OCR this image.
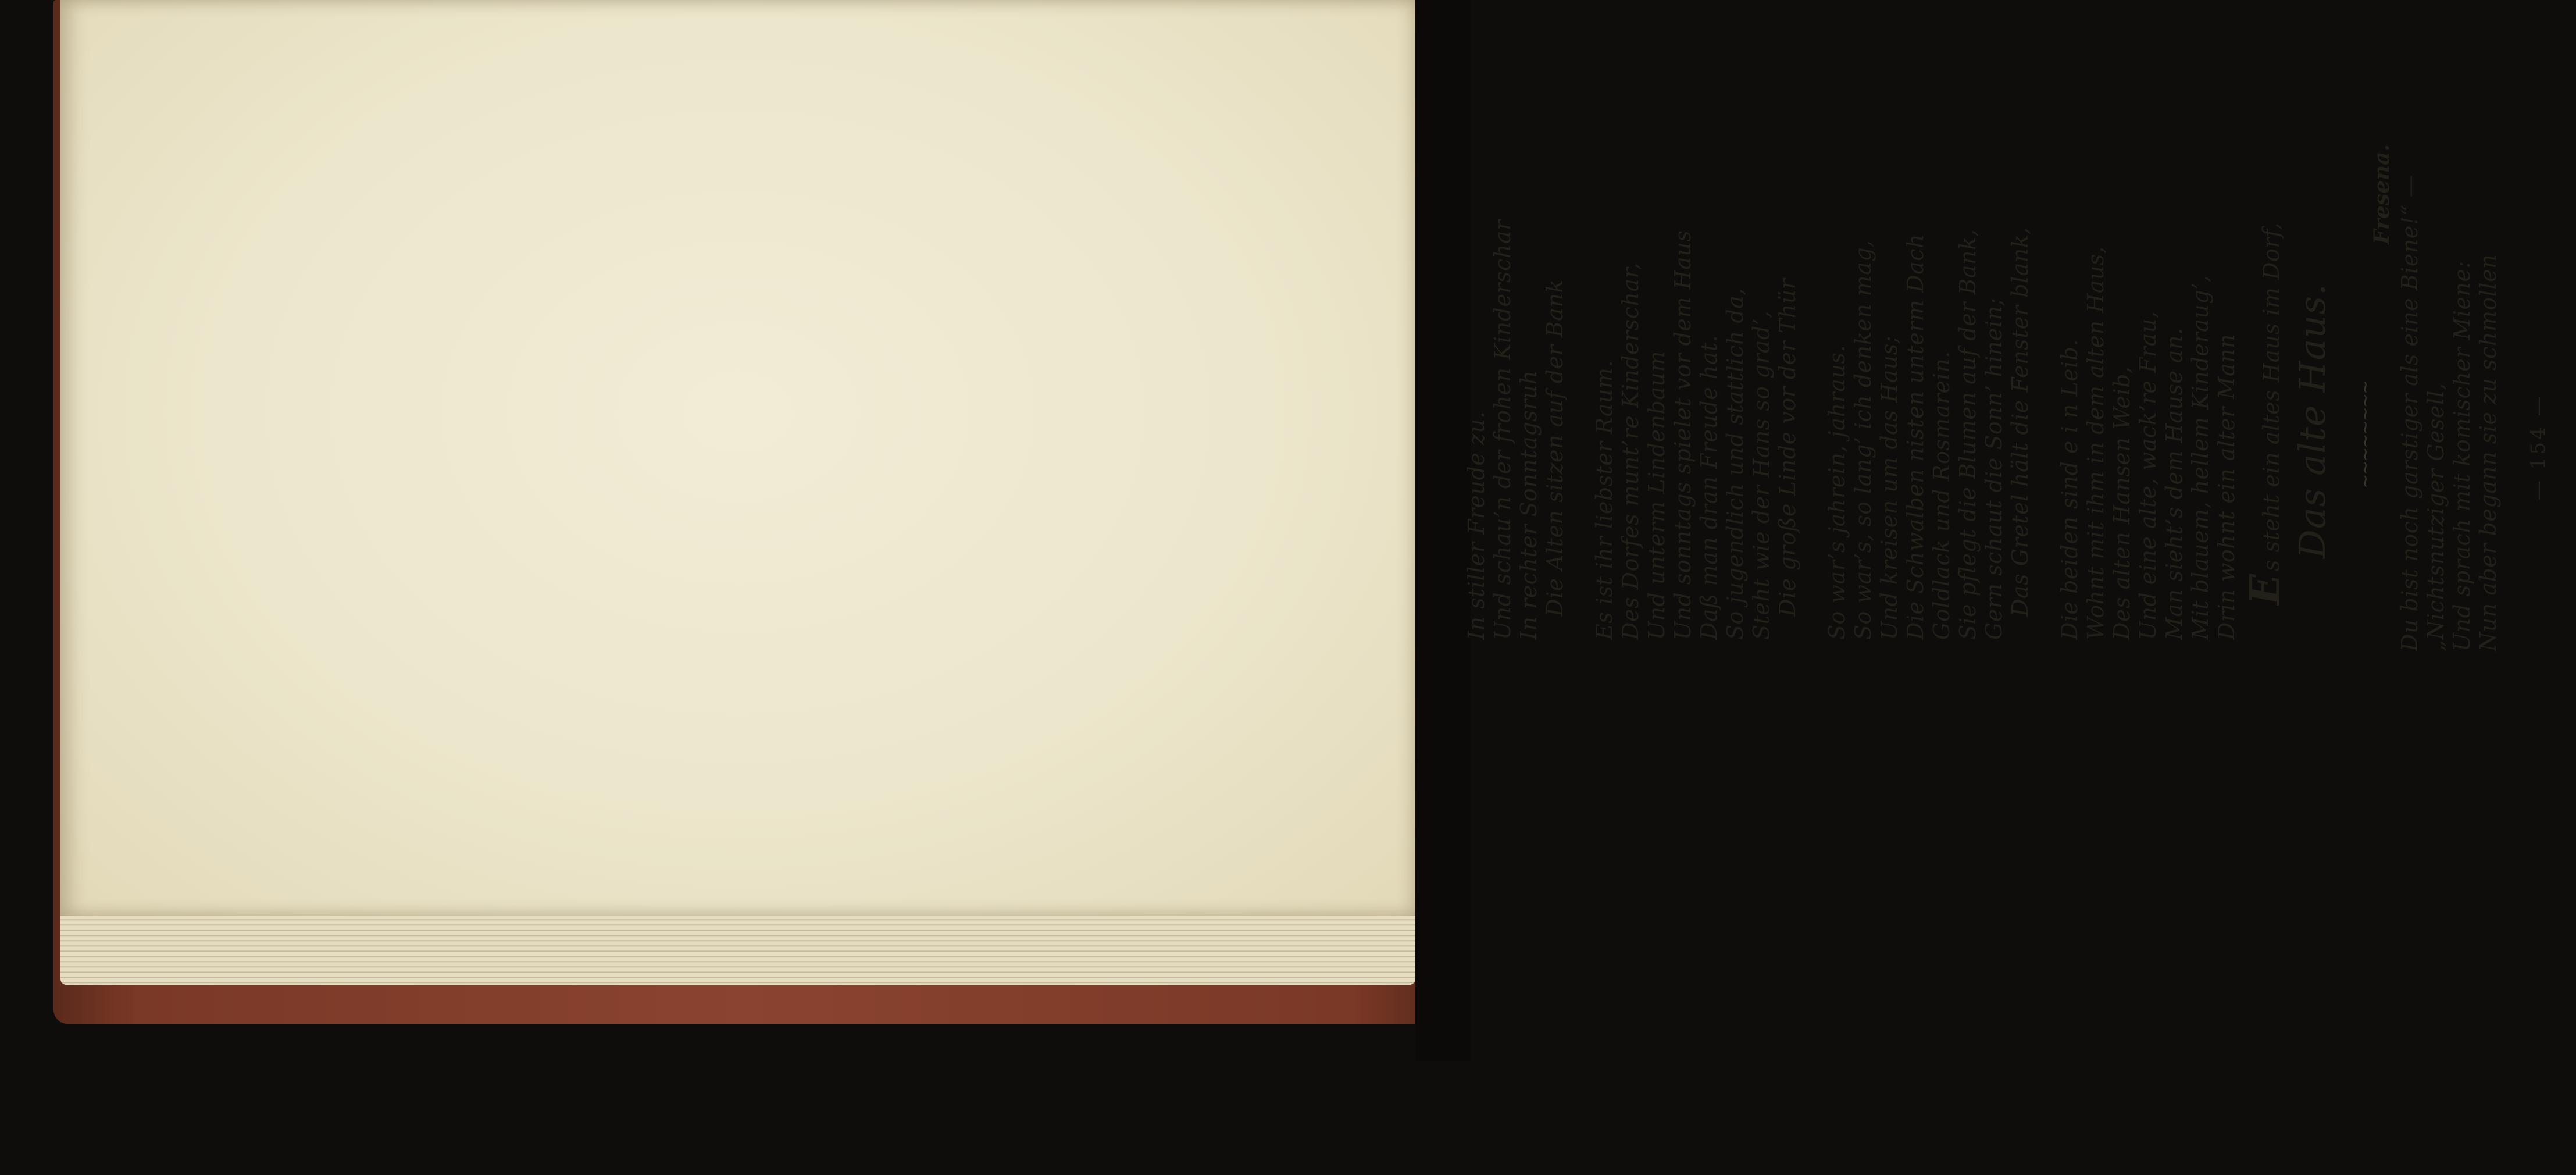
— 154 —
Nun aber begann sie zu schmollen
Und sprach mit komischer Miene:
„Nichtsnutziger Gesell,
Du bist noch garstiger als eine Biene!“ —
Fresena.
~~~~~~~~
Das alte Haus.
Es steht ein altes Haus im Dorf,
Drin wohnt ein alter Mann
Mit blauem, hellem Kinderaug’,
Man sieht’s dem Hause an.
Und eine alte, wack’re Frau,
Des alten Hansen Weib,
Wohnt mit ihm in dem alten Haus,
Die beiden sind e i n Leib.
Das Gretel hält die Fenster blank,
Gern schaut die Sonn’ hinein;
Sie pflegt die Blumen auf der Bank,
Goldlack und Rosmarein.
Die Schwalben nisten unterm Dach
Und kreisen um das Haus;
So war’s, so lang’ ich denken mag,
So war’s jahrein, jahraus.
Die große Linde vor der Thür
Steht wie der Hans so grad’,
So jugendlich und stattlich da,
Daß man dran Freude hat.
Und sonntags spielet vor dem Haus
Und unterm Lindenbaum
Des Dorfes munt’re Kinderschar,
Es ist ihr liebster Raum.
Die Alten sitzen auf der Bank
In rechter Sonntagsruh
Und schau’n der frohen Kinderschar
In stiller Freude zu.
